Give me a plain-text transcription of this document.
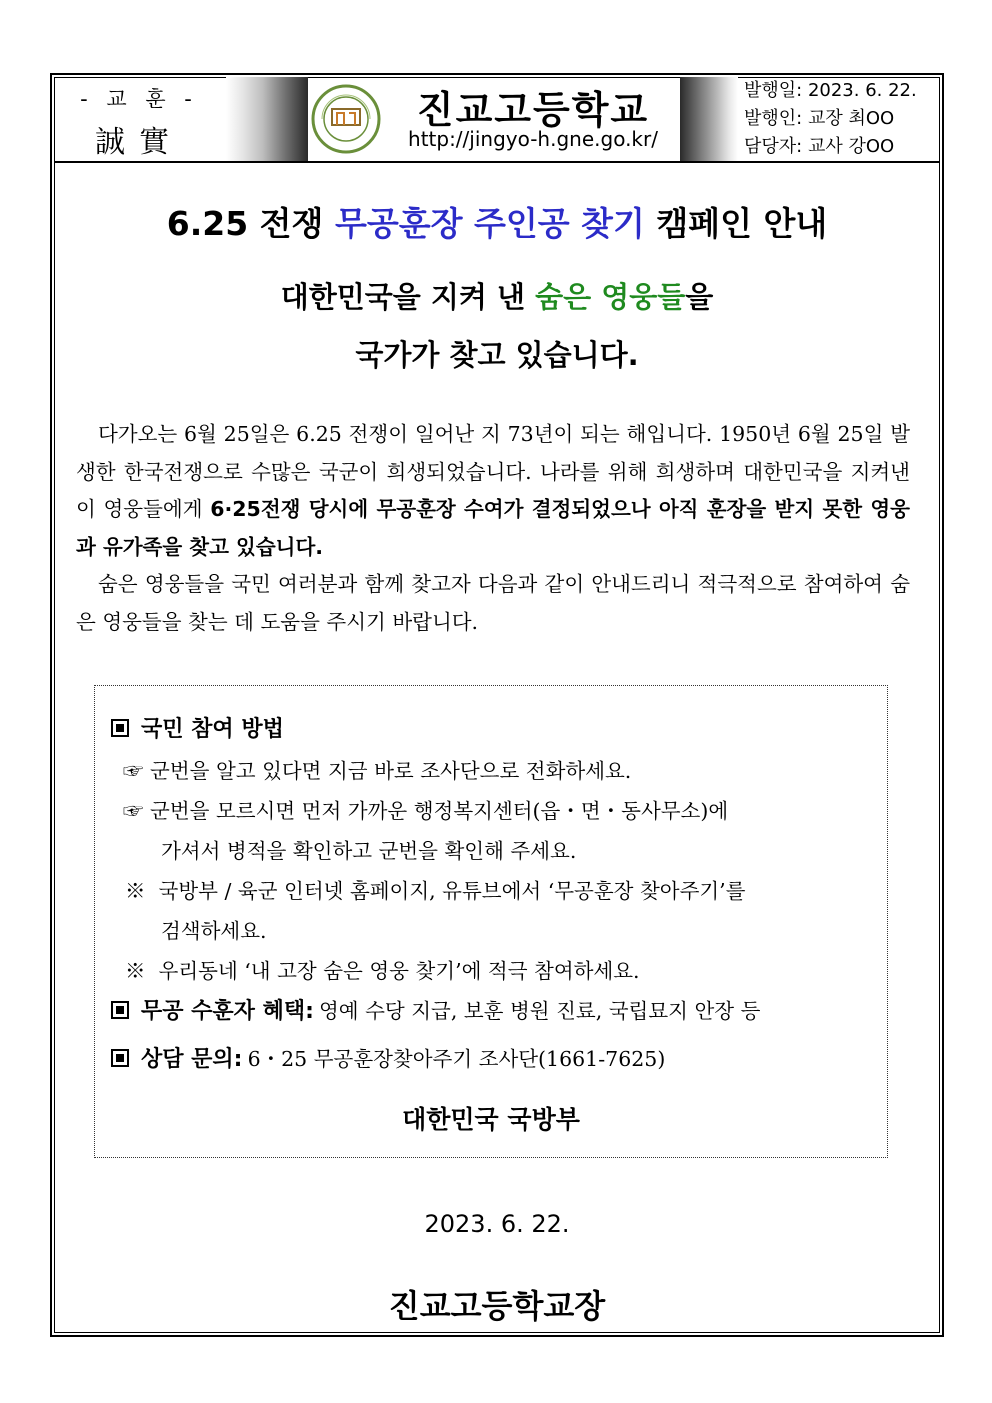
- 교 훈 -
誠實
진교고등학교
http://jingyo-h.gne.go.kr/
발행일: 2023. 6. 22.
발행인: 교장 최OO
담당자: 교사 강OO
6.25 전쟁 무공훈장 주인공 찾기 캠페인 안내
대한민국을 지켜 낸 숨은 영웅들을
국가가 찾고 있습니다.

다가오는 6월 25일은 6.25 전쟁이 일어난 지 73년이 되는 해입니다. 1950년 6월 25일 발생한 한국전쟁으로 수많은 국군이 희생되었습니다. 나라를 위해 희생하며 대한민국을 지켜낸 이 영웅들에게 6·25전쟁 당시에 무공훈장 수여가 결정되었으나 아직 훈장을 받지 못한 영웅과 유가족을 찾고 있습니다.

숨은 영웅들을 국민 여러분과 함께 찾고자 다음과 같이 안내드리니 적극적으로 참여하여 숨은 영웅들을 찾는 데 도움을 주시기 바랍니다.

국민 참여 방법
☞ 군번을 알고 있다면 지금 바로 조사단으로 전화하세요.
☞ 군번을 모르시면 먼저 가까운 행정복지센터(읍・면・동사무소)에
가셔서 병적을 확인하고 군번을 확인해 주세요.
※ 국방부 / 육군 인터넷 홈페이지, 유튜브에서 ‘무공훈장 찾아주기’를
검색하세요.
※ 우리동네 ‘내 고장 숨은 영웅 찾기’에 적극 참여하세요.
무공 수훈자 혜택: 영예 수당 지급, 보훈 병원 진료, 국립묘지 안장 등
상담 문의: 6・25 무공훈장찾아주기 조사단(1661-7625)
대한민국 국방부
2023. 6. 22.
진교고등학교장
